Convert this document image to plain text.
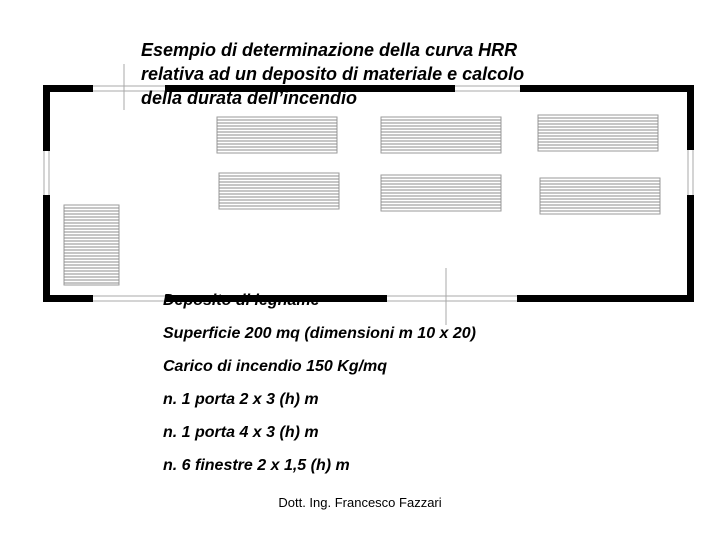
Esempio di determinazione della curva HRR
relativa ad un deposito di materiale e calcolo
della durata dell’incendio
Deposito di legname
Superficie 200 mq (dimensioni m 10 x 20)
Carico di incendio 150 Kg/mq
n. 1 porta 2 x 3 (h) m
n. 1 porta 4 x 3 (h) m
n. 6 finestre 2 x 1,5 (h) m
Dott. Ing. Francesco Fazzari
